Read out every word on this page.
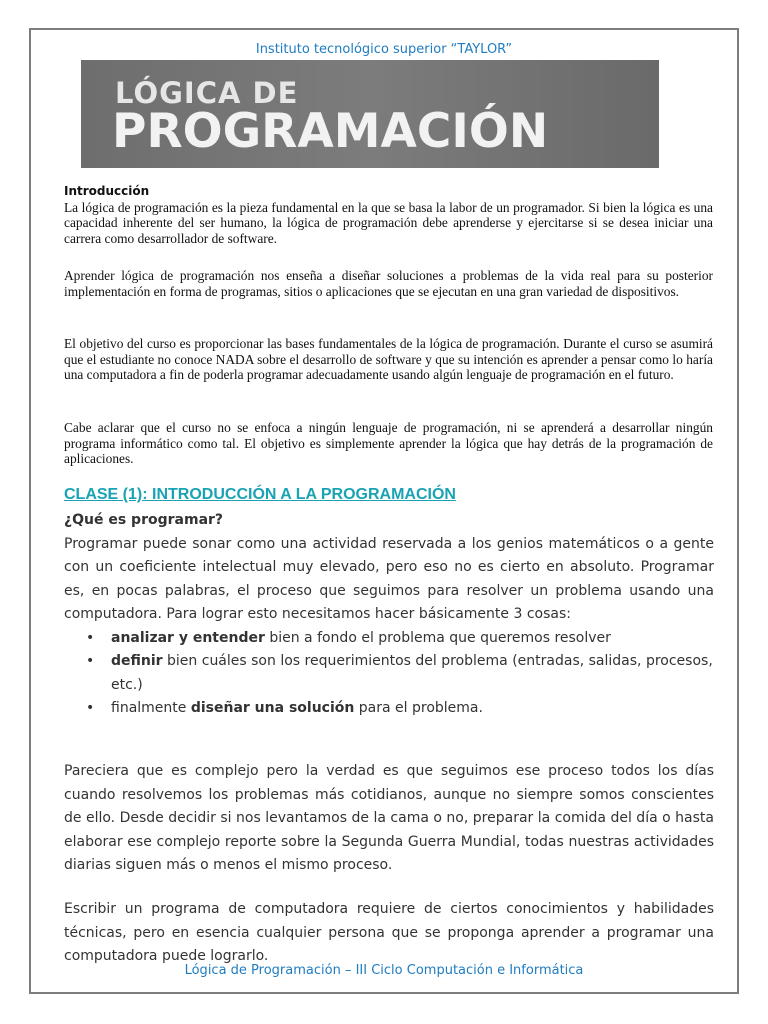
Instituto tecnológico superior “TAYLOR”
LÓGICA DE
PROGRAMACIÓN
Introducción

La lógica de programación es la pieza fundamental en la que se basa la labor de un programador. Si bien la lógica es una capacidad inherente del ser humano, la lógica de programación debe aprenderse y ejercitarse si se desea iniciar una carrera como desarrollador de software.

Aprender lógica de programación nos enseña a diseñar soluciones a problemas de la vida real para su posterior implementación en forma de programas, sitios o aplicaciones que se ejecutan en una gran variedad de dispositivos.

El objetivo del curso es proporcionar las bases fundamentales de la lógica de programación. Durante el curso se asumirá que el estudiante no conoce NADA sobre el desarrollo de software y que su intención es aprender a pensar como lo haría una computadora a fin de poderla programar adecuadamente usando algún lenguaje de programación en el futuro.

Cabe aclarar que el curso no se enfoca a ningún lenguaje de programación, ni se aprenderá a desarrollar ningún programa informático como tal. El objetivo es simplemente aprender la lógica que hay detrás de la programación de aplicaciones.

CLASE (1): INTRODUCCIÓN A LA PROGRAMACIÓN

¿Qué es programar?

Programar puede sonar como una actividad reservada a los genios matemáticos o a gente con un coeficiente intelectual muy elevado, pero eso no es cierto en absoluto. Programar es, en pocas palabras, el proceso que seguimos para resolver un problema usando una computadora. Para lograr esto necesitamos hacer básicamente 3 cosas:

• analizar y entender bien a fondo el problema que queremos resolver
• definir bien cuáles son los requerimientos del problema (entradas, salidas, procesos, etc.)
• finalmente diseñar una solución para el problema.

Pareciera que es complejo pero la verdad es que seguimos ese proceso todos los días cuando resolvemos los problemas más cotidianos, aunque no siempre somos conscientes de ello. Desde decidir si nos levantamos de la cama o no, preparar la comida del día o hasta elaborar ese complejo reporte sobre la Segunda Guerra Mundial, todas nuestras actividades diarias siguen más o menos el mismo proceso.

Escribir un programa de computadora requiere de ciertos conocimientos y habilidades técnicas, pero en esencia cualquier persona que se proponga aprender a programar una computadora puede lograrlo.

Lógica de Programación – III Ciclo Computación e Informática
